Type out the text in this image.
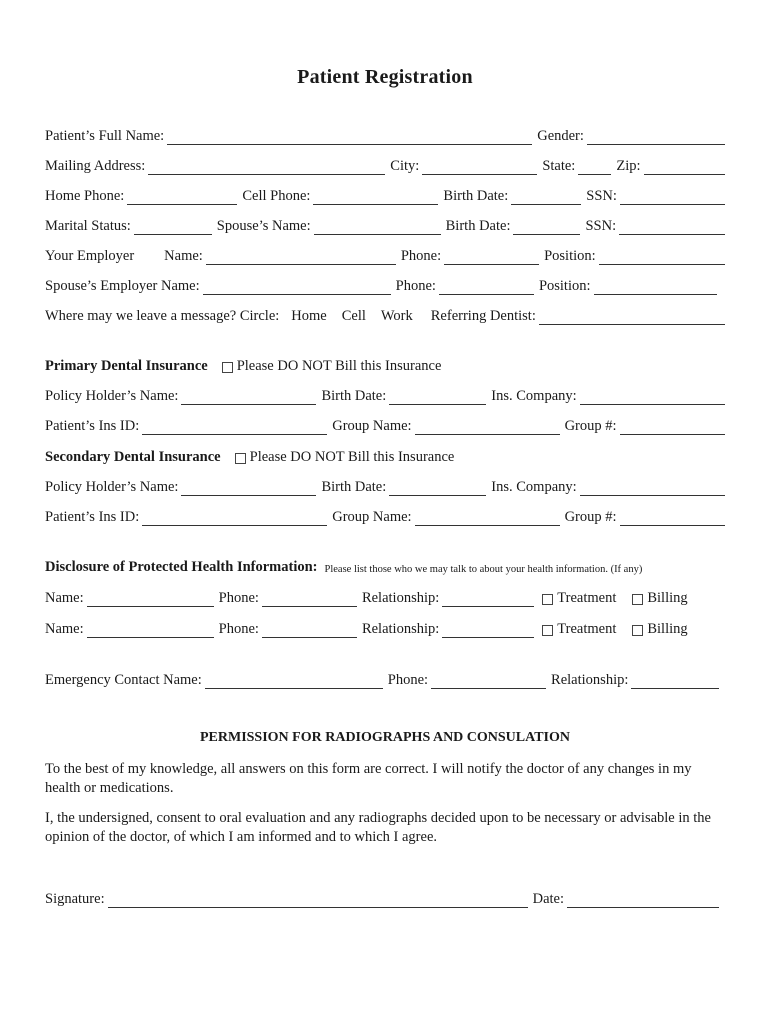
Patient Registration
Patient’s Full Name:	Gender:
Mailing Address:	City:	State:	Zip:
Home Phone:	Cell Phone:	Birth Date:	SSN:
Marital Status:	Spouse’s Name:	Birth Date:	SSN:
Your Employer	Name:	Phone:	Position:
Spouse’s Employer Name:	Phone:	Position:
Where may we leave a message? Circle: Home Cell Work Referring Dentist:
Primary Dental Insurance	Please DO NOT Bill this Insurance
Policy Holder’s Name:	Birth Date:	Ins. Company:
Patient’s Ins ID:	Group Name:	Group #:
Secondary Dental Insurance	Please DO NOT Bill this Insurance
Policy Holder’s Name:	Birth Date:	Ins. Company:
Patient’s Ins ID:	Group Name:	Group #:
Disclosure of Protected Health Information: Please list those who we may talk to about your health information. (If any)
Name:	Phone:	Relationship:	Treatment	Billing
Name:	Phone:	Relationship:	Treatment	Billing
Emergency Contact Name:	Phone:	Relationship:
PERMISSION FOR RADIOGRAPHS AND CONSULATION
To the best of my knowledge, all answers on this form are correct. I will notify the doctor of any changes in my health or medications.
I, the undersigned, consent to oral evaluation and any radiographs decided upon to be necessary or advisable in the opinion of the doctor, of which I am informed and to which I agree.
Signature:	Date:
